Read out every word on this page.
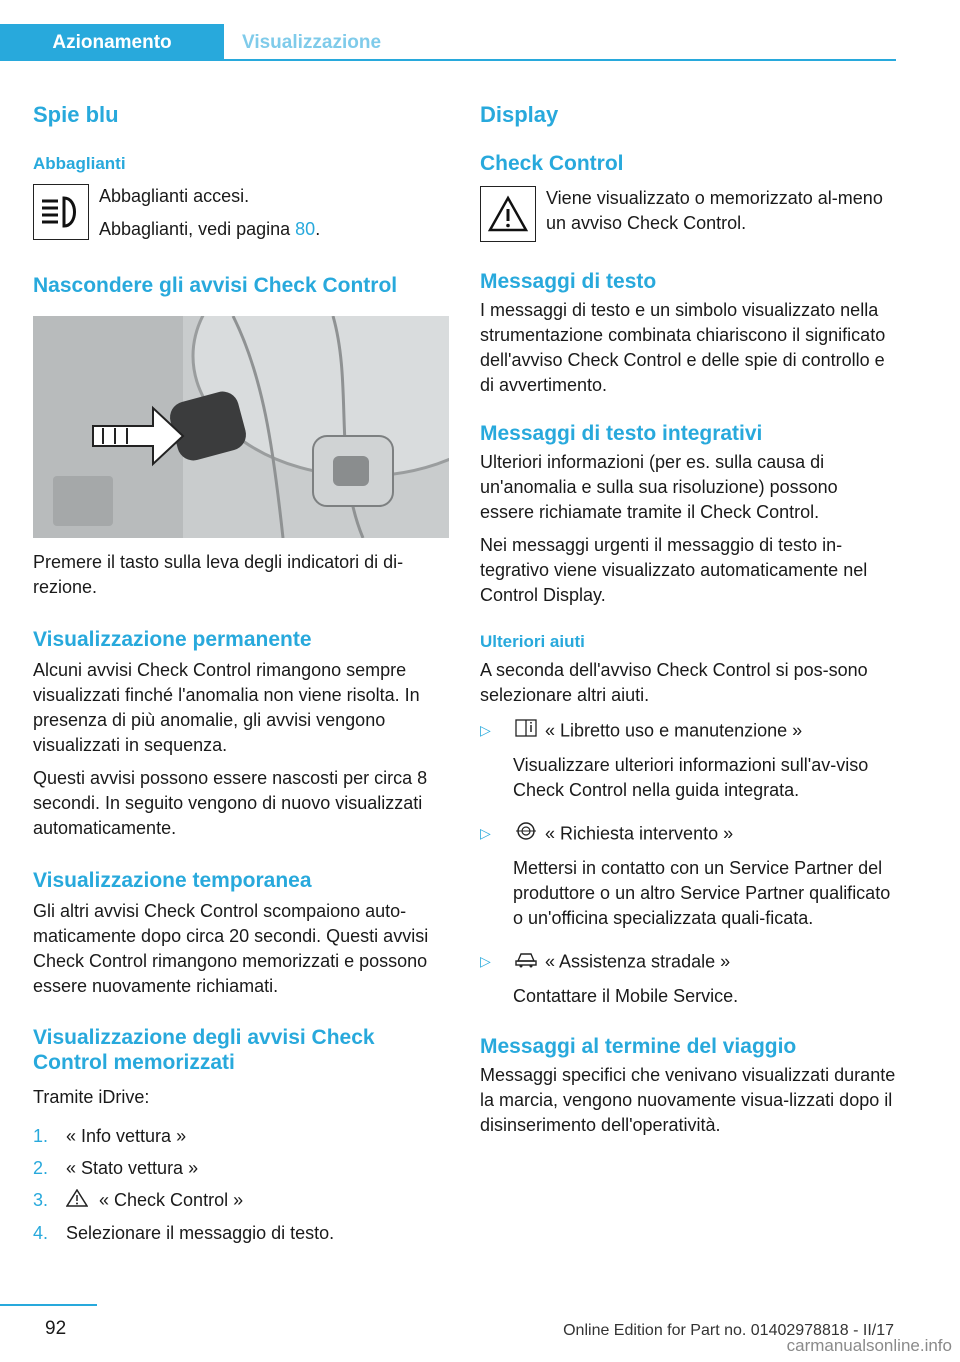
Azionamento	Visualizzazione
Spie blu
Abbaglianti

Abbaglianti accesi.

Abbaglianti, vedi pagina 80.

Nascondere gli avvisi Check Control

Premere il tasto sulla leva degli indicatori di di-rezione.

Visualizzazione permanente

Alcuni avvisi Check Control rimangono sempre visualizzati finché l'anomalia non viene risolta. In presenza di più anomalie, gli avvisi vengono visualizzati in sequenza.

Questi avvisi possono essere nascosti per circa 8 secondi. In seguito vengono di nuovo visualizzati automaticamente.

Visualizzazione temporanea

Gli altri avvisi Check Control scompaiono auto-maticamente dopo circa 20 secondi. Questi avvisi Check Control rimangono memorizzati e possono essere nuovamente richiamati.

Visualizzazione degli avvisi Check Control memorizzati

Tramite iDrive:

1. « Info vettura »
2. « Stato vettura »
3.	« Check Control »
4. Selezionare il messaggio di testo.
Display
Check Control

Viene visualizzato o memorizzato al-meno un avviso Check Control.

Messaggi di testo

I messaggi di testo e un simbolo visualizzato nella strumentazione combinata chiariscono il significato dell'avviso Check Control e delle spie di controllo e di avvertimento.

Messaggi di testo integrativi

Ulteriori informazioni (per es. sulla causa di un'anomalia e sulla sua risoluzione) possono essere richiamate tramite il Check Control.

Nei messaggi urgenti il messaggio di testo in-tegrativo viene visualizzato automaticamente nel Control Display.

Ulteriori aiuti

A seconda dell'avviso Check Control si pos-sono selezionare altri aiuti.

▷	« Libretto uso e manutenzione »

Visualizzare ulteriori informazioni sull'av-viso Check Control nella guida integrata.

▷	« Richiesta intervento »

Mettersi in contatto con un Service Partner del produttore o un altro Service Partner qualificato o un'officina specializzata quali-ficata.

▷	« Assistenza stradale »

Contattare il Mobile Service.

Messaggi al termine del viaggio

Messaggi specifici che venivano visualizzati durante la marcia, vengono nuovamente visua-lizzati dopo il disinserimento dell'operatività.

92	Online Edition for Part no. 01402978818 - II/17
carmanualsonline.info
